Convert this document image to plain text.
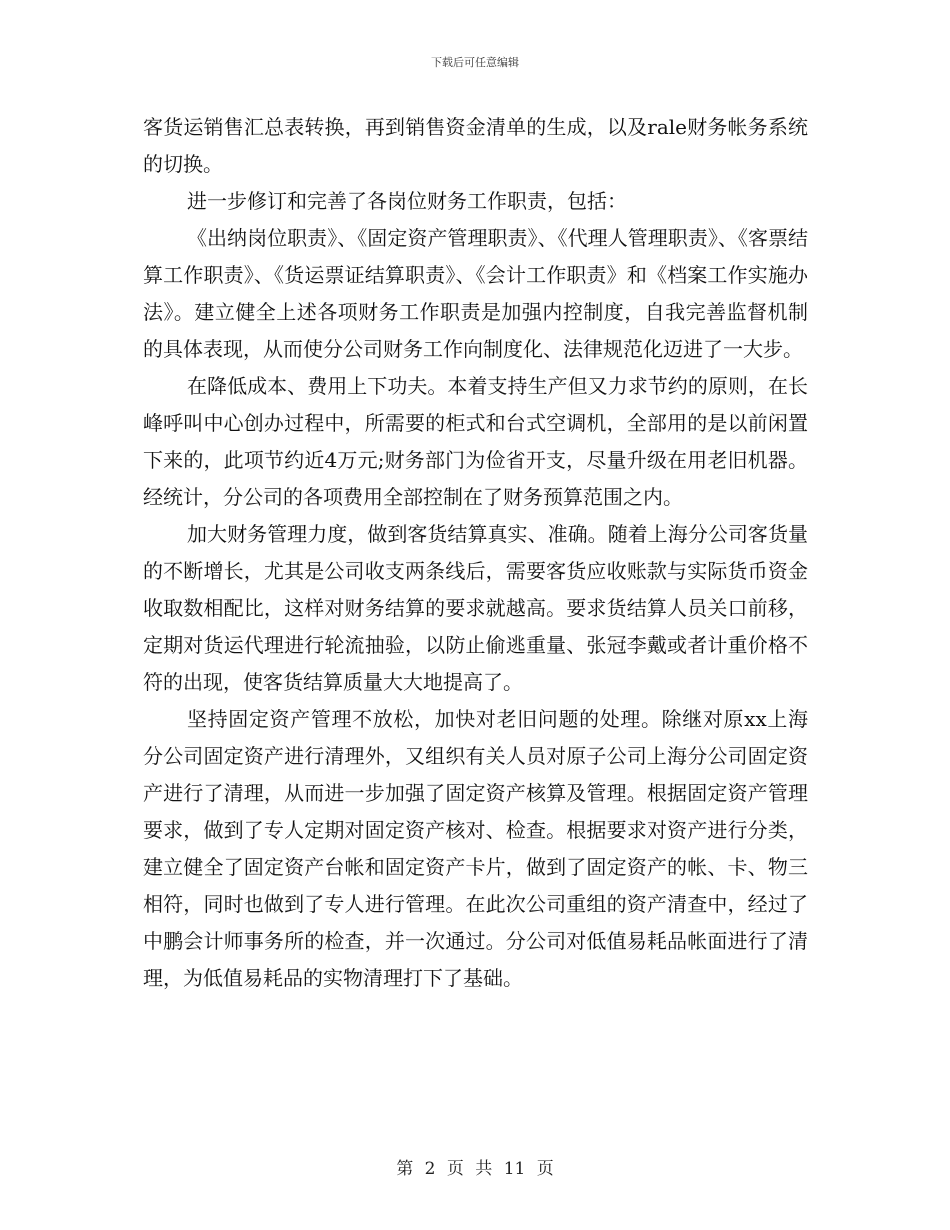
下载后可任意编辑

客货运销售汇总表转换，再到销售资金清单的生成，以及rale财务帐务系统的切换。

进一步修订和完善了各岗位财务工作职责，包括：

《出纳岗位职责》、《固定资产管理职责》、《代理人管理职责》、《客票结算工作职责》、《货运票证结算职责》、《会计工作职责》和《档案工作实施办法》。建立健全上述各项财务工作职责是加强内控制度，自我完善监督机制的具体表现，从而使分公司财务工作向制度化、法律规范化迈进了一大步。

在降低成本、费用上下功夫。本着支持生产但又力求节约的原则，在长峰呼叫中心创办过程中，所需要的柜式和台式空调机，全部用的是以前闲置下来的，此项节约近4万元;财务部门为俭省开支，尽量升级在用老旧机器。经统计，分公司的各项费用全部控制在了财务预算范围之内。

加大财务管理力度，做到客货结算真实、准确。随着上海分公司客货量的不断增长，尤其是公司收支两条线后，需要客货应收账款与实际货币资金收取数相配比，这样对财务结算的要求就越高。要求货结算人员关口前移，定期对货运代理进行轮流抽验，以防止偷逃重量、张冠李戴或者计重价格不符的出现，使客货结算质量大大地提高了。

坚持固定资产管理不放松，加快对老旧问题的处理。除继对原xx上海分公司固定资产进行清理外，又组织有关人员对原子公司上海分公司固定资产进行了清理，从而进一步加强了固定资产核算及管理。根据固定资产管理要求，做到了专人定期对固定资产核对、检查。根据要求对资产进行分类，建立健全了固定资产台帐和固定资产卡片，做到了固定资产的帐、卡、物三相符，同时也做到了专人进行管理。在此次公司重组的资产清查中，经过了中鹏会计师事务所的检查，并一次通过。分公司对低值易耗品帐面进行了清理，为低值易耗品的实物清理打下了基础。

第 2 页 共 11 页
